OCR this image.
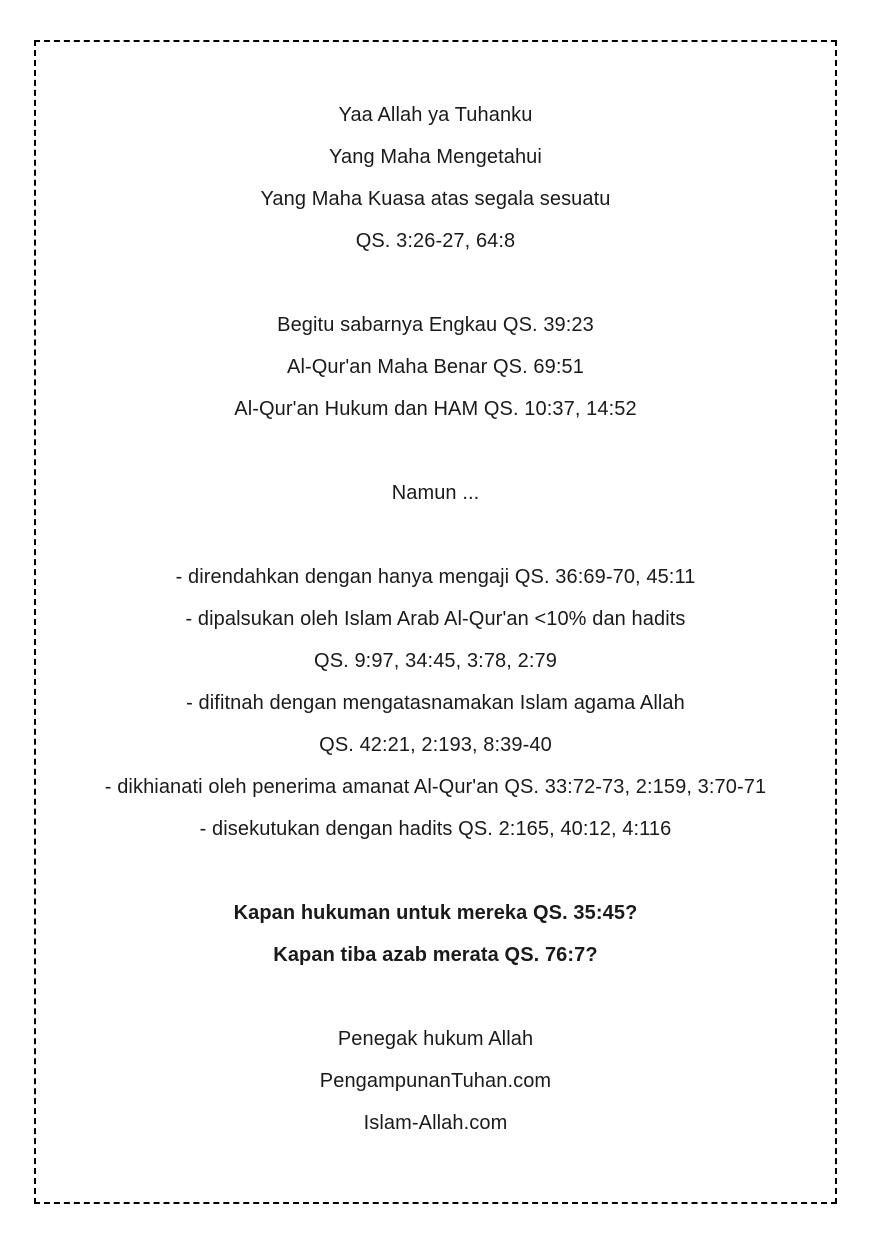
Yaa Allah ya Tuhanku
Yang Maha Mengetahui
Yang Maha Kuasa atas segala sesuatu
QS. 3:26-27, 64:8
Begitu sabarnya Engkau QS. 39:23
Al-Qur'an Maha Benar QS. 69:51
Al-Qur'an Hukum dan HAM QS. 10:37, 14:52
Namun ...
- direndahkan dengan hanya mengaji QS. 36:69-70, 45:11
- dipalsukan oleh Islam Arab Al-Qur'an <10% dan hadits
QS. 9:97, 34:45, 3:78, 2:79
- difitnah dengan mengatasnamakan Islam agama Allah
QS. 42:21, 2:193, 8:39-40
- dikhianati oleh penerima amanat Al-Qur'an QS. 33:72-73, 2:159, 3:70-71
- disekutukan dengan hadits QS. 2:165, 40:12, 4:116
Kapan hukuman untuk mereka QS. 35:45?
Kapan tiba azab merata QS. 76:7?
Penegak hukum Allah
PengampunanTuhan.com
Islam-Allah.com
